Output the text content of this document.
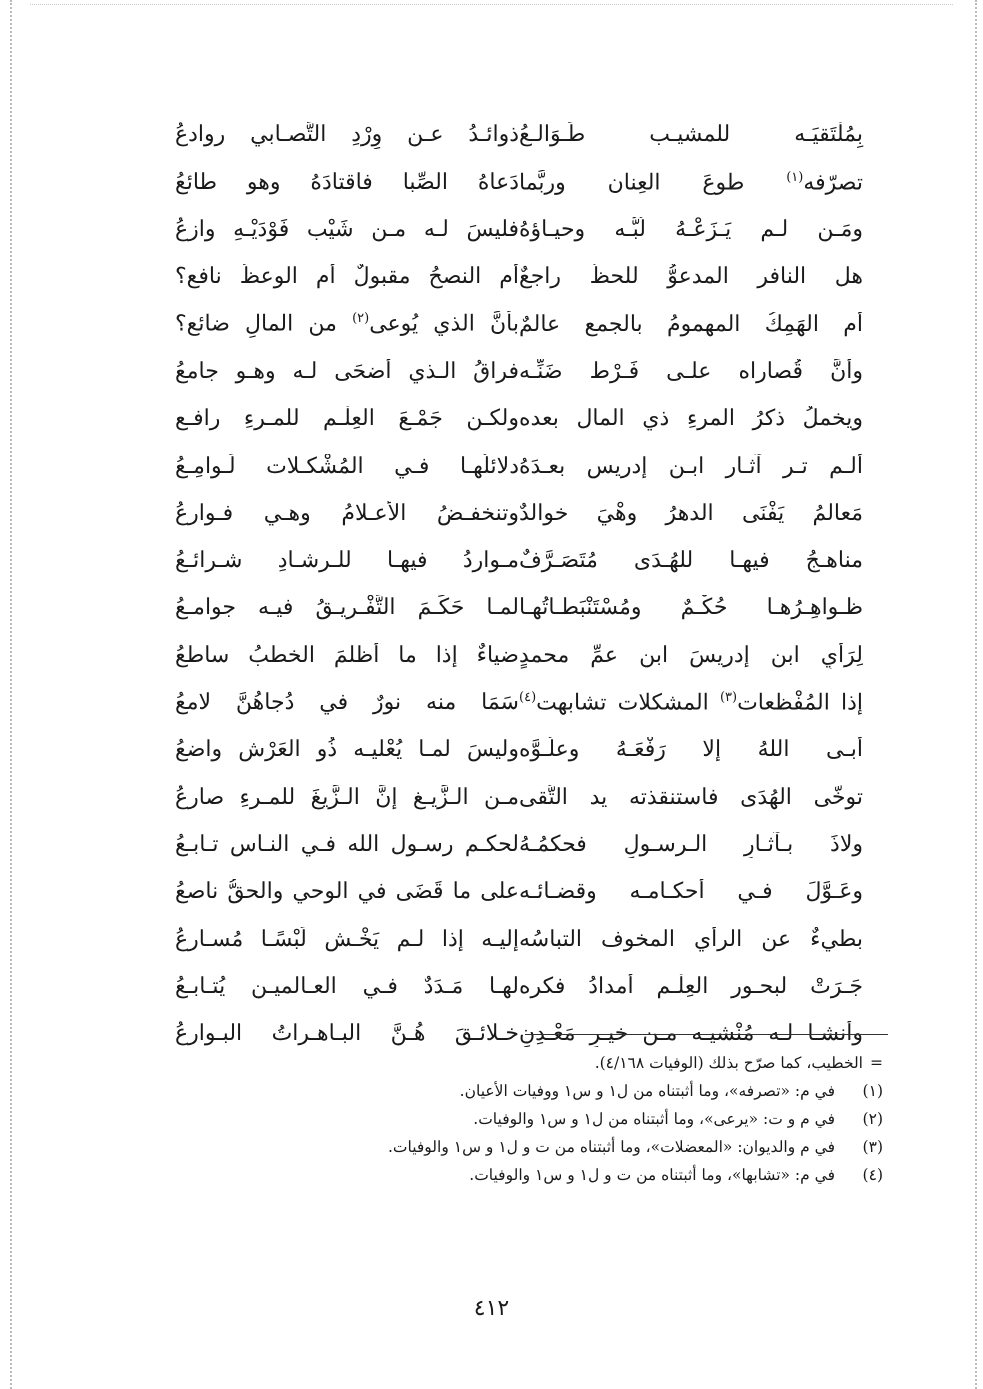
بِمُلْتَقيَـه للمشيـب طَـوَالـعُ
ذوائـدُ عـن وِرْدِ التَّصـابي روادعُ
تصرّفه$^{(١)}$ طوعَ العِنان وربَّما
دَعاهُ الصِّبا فاقتادَهُ وهو طائعُ
ومَـن لـم يَـزَعْـهُ لُبُّـه وحيـاؤهُ
فليسَ لـه مـن شَيْب فَوْدَيْـهِ وازعُ
هل النافر المدعوُّ للحظّ راجعٌ
أم النصحُ مقبولٌ أم الوعظُ نافع؟
أم الهَمِكُ المهمومُ بالجمع عالمٌ
بأنَّ الذي يُوعى$^{(٢)}$ من المالِ ضائع؟
وأنَّ قُصاراه علـى فَـرْط ضَنِّـه
فراقُ الـذي أضحَى لـه وهـو جامعُ
ويخملُ ذكرُ المرءِ ذي المال بعده
ولكـن جَمْـعَ العِلْـم للمـرءِ رافـع
ألـم تـر آثـار ابـن إدريس بعـدَهُ
دلائلُهـا فـي المُشْكـلات لَـوامِـعُ
مَعالمُ يَفْنَى الدهرُ وهْيَ خوالدٌ
وتنخفـضُ الأعـلامُ وهـي فـوارعُ
مناهـجُ فيهـا للهُـدَى مُتَصَـرَّفٌ
مـواردُ فيهـا للـرشـادِ شـرائـعُ
ظـواهِـرُهـا حُكْـمٌ ومُسْتَنْبَطـاتُهـا
لمـا حَكَـمَ التَّفْـريـقُ فيـه جوامـعُ
لِرَأيِ ابنِ إدريسَ ابنِ عمِّ محمدٍ
ضياءٌ إذا ما أظلمَ الخطبُ ساطعُ
إذا المُفْظعات$^{(٣)}$ المشكلات تشابهت$^{(٤)}$
سَمَا منه نورٌ في دُجاهُنَّ لامعُ
أبـى اللهُ إلا رَفْعَـهُ وعلُـوَّه
وليسَ لمـا يُعْليـه ذُو العَرْش واضعُ
توخَّى الهُدَى فاستنقذته يد التُّقى
مـن الـزَّيـغ إنَّ الـزَّيغَ للمـرءِ صارعُ
ولاذَ بـآثـارِ الـرسـولِ فحكمُـهُ
لحكـم رسـول الله فـي النـاس تـابـعُ
وعَـوَّلَ فـي أحكـامـه وقضـائـه
على ما قَضَى في الوحي والحقُّ ناصعُ
بطيءٌ عن الرأي المخوف التباسُه
إليـه إذا لـم يَخْـش لَبْسًـا مُسـارعُ
جَـرَتْ لبحـور العِلْـم أمدادُ فكره
لهـا مَـدَدٌ فـي العـالميـن يُتـابـعُ
وأنشـا لـه مُنْشيـه مـن خيـرِ مَعْـدِنٍ
خـلائـقَ هُـنَّ البـاهـراتُ البـوارعُ
=
الخطيب، كما صرّح بذلك (الوفيات ٤/١٦٨).
(١)
في م: «تصرفه»، وما أثبتناه من ل١ و س١ ووفيات الأعيان.
(٢)
في م و ت: «يرعى»، وما أثبتناه من ل١ و س١ والوفيات.
(٣)
في م والديوان: «المعضلات»، وما أثبتناه من ت و ل١ و س١ والوفيات.
(٤)
في م: «تشابها»، وما أثبتناه من ت و ل١ و س١ والوفيات.
٤١٢
